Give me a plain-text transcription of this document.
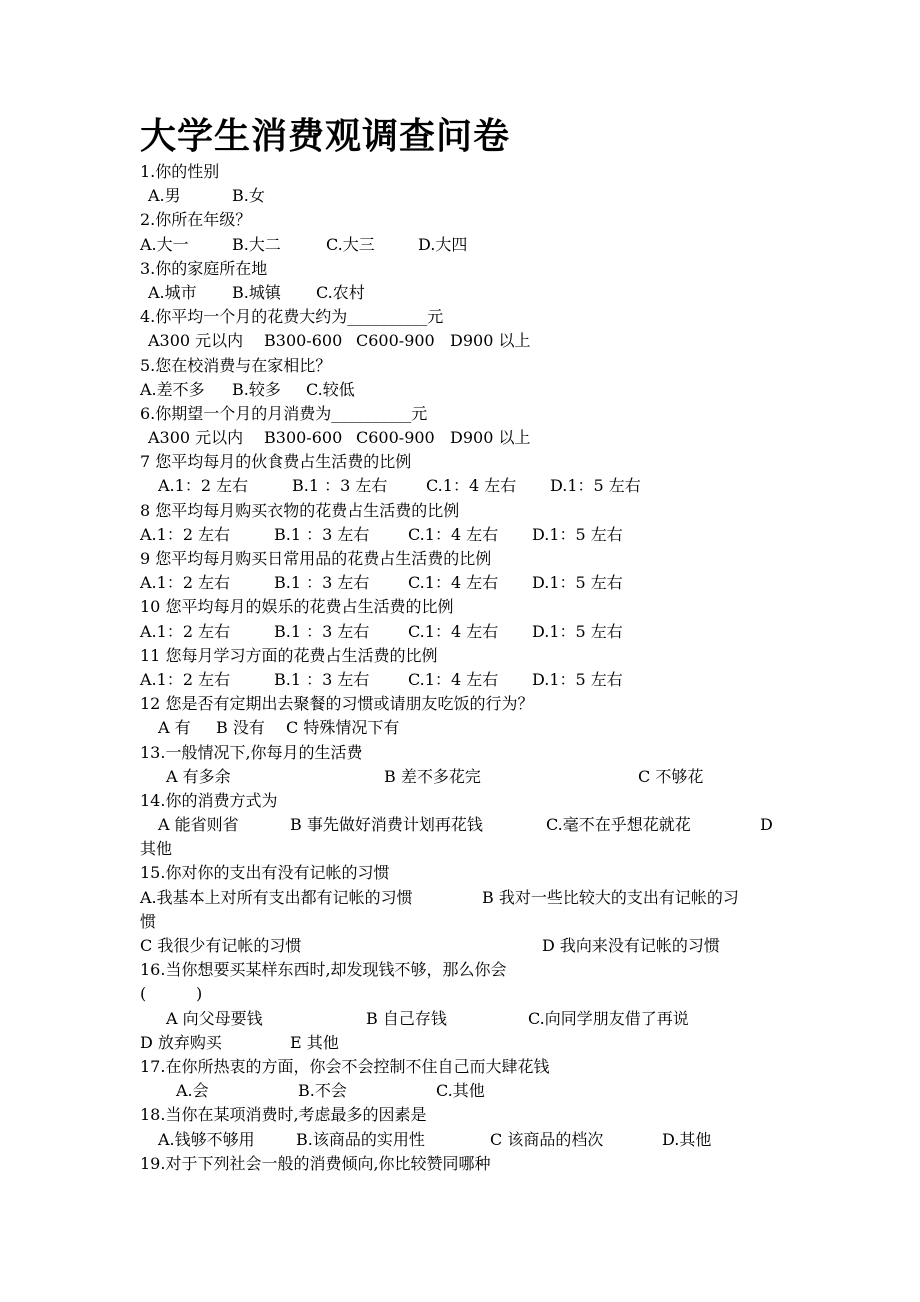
大学生消费观调查问卷
1.你的性别
A.男	B.女
2.你所在年级？
A.大一	B.大二	C.大三	D.大四
3.你的家庭所在地
A.城市 B.城镇 C.农村
4.你平均一个月的花费大约为__________元
A300 元以内 B300-600 C600-900 D900 以上
5.您在校消费与在家相比？
A.差不多 B.较多 C.较低
6.你期望一个月的月消费为__________元
A300 元以内 B300-600 C600-900 D900 以上
7 您平均每月的伙食费占生活费的比例
A.1：2 左右	B.1 ：3 左右 C.1：4 左右 D.1：5 左右
8 您平均每月购买衣物的花费占生活费的比例
A.1：2 左右	B.1 ：3 左右 C.1：4 左右 D.1：5 左右
9 您平均每月购买日常用品的花费占生活费的比例
A.1：2 左右	B.1 ：3 左右 C.1：4 左右 D.1：5 左右
10 您平均每月的娱乐的花费占生活费的比例
A.1：2 左右	B.1 ：3 左右 C.1：4 左右 D.1：5 左右
11 您每月学习方面的花费占生活费的比例
A.1：2 左右	B.1 ：3 左右 C.1：4 左右 D.1：5 左右
12 您是否有定期出去聚餐的习惯或请朋友吃饭的行为？
A 有 B 没有 C 特殊情况下有
13.一般情况下,你每月的生活费
A 有多余	B 差不多花完	C 不够花
14.你的消费方式为
A 能省则省	B 事先做好消费计划再花钱	C.毫不在乎想花就花	D
其他
15.你对你的支出有没有记帐的习惯
A.我基本上对所有支出都有记帐的习惯	B 我对一些比较大的支出有记帐的习
惯
C 我很少有记帐的习惯	D 我向来没有记帐的习惯
16.当你想要买某样东西时,却发现钱不够，那么你会
(	)
A 向父母要钱	B 自己存钱	C.向同学朋友借了再说
D 放弃购买	E 其他
17.在你所热衷的方面，你会不会控制不住自己而大肆花钱
A.会	B.不会	C.其他
18.当你在某项消费时,考虑最多的因素是
A.钱够不够用	B.该商品的实用性	C 该商品的档次	D.其他
19.对于下列社会一般的消费倾向,你比较赞同哪种
